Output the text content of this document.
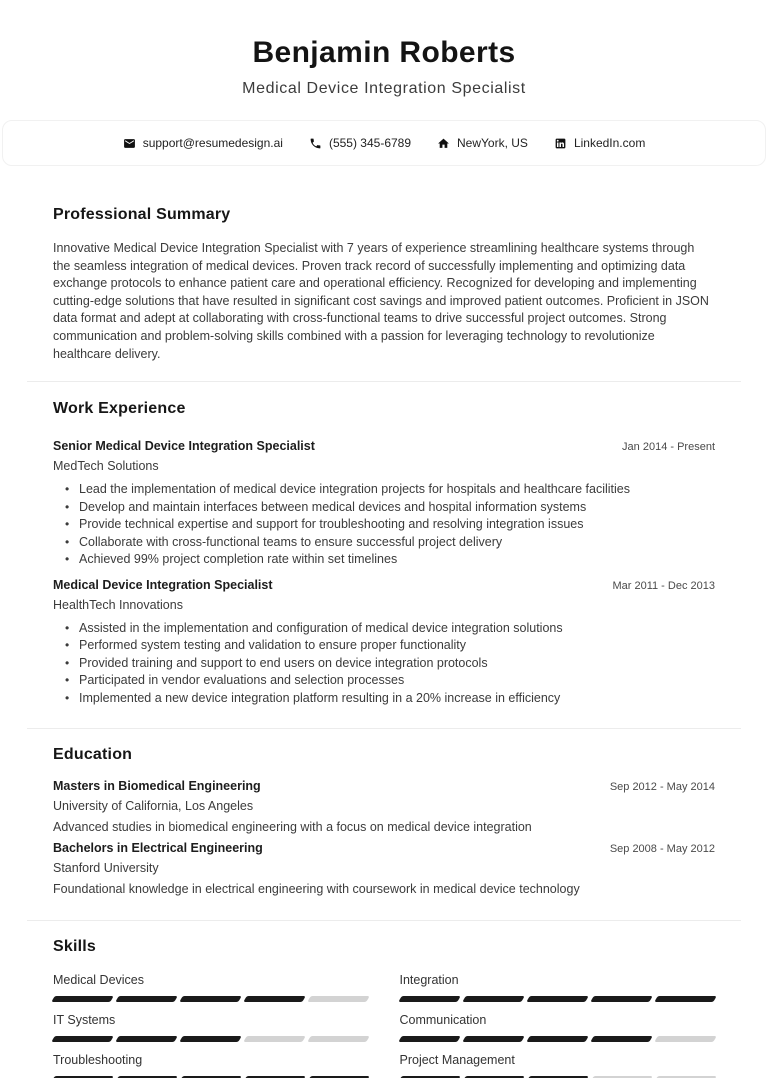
Benjamin Roberts
Medical Device Integration Specialist
support@resumedesign.ai	(555) 345-6789	NewYork, US	LinkedIn.com
Professional Summary

Innovative Medical Device Integration Specialist with 7 years of experience streamlining healthcare systems through the seamless integration of medical devices. Proven track record of successfully implementing and optimizing data exchange protocols to enhance patient care and operational efficiency. Recognized for developing and implementing cutting-edge solutions that have resulted in significant cost savings and improved patient outcomes. Proficient in JSON data format and adept at collaborating with cross-functional teams to drive successful project outcomes. Strong communication and problem-solving skills combined with a passion for leveraging technology to revolutionize healthcare delivery.

Work Experience
Senior Medical Device Integration Specialist	Jan 2014 - Present
MedTech Solutions
• Lead the implementation of medical device integration projects for hospitals and healthcare facilities
• Develop and maintain interfaces between medical devices and hospital information systems
• Provide technical expertise and support for troubleshooting and resolving integration issues
• Collaborate with cross-functional teams to ensure successful project delivery
• Achieved 99% project completion rate within set timelines
Medical Device Integration Specialist	Mar 2011 - Dec 2013
HealthTech Innovations
• Assisted in the implementation and configuration of medical device integration solutions
• Performed system testing and validation to ensure proper functionality
• Provided training and support to end users on device integration protocols
• Participated in vendor evaluations and selection processes
• Implemented a new device integration platform resulting in a 20% increase in efficiency
Education
Masters in Biomedical Engineering	Sep 2012 - May 2014
University of California, Los Angeles
Advanced studies in biomedical engineering with a focus on medical device integration
Bachelors in Electrical Engineering	Sep 2008 - May 2012
Stanford University
Foundational knowledge in electrical engineering with coursework in medical device technology
Skills
Medical Devices	Integration
IT Systems	Communication
Troubleshooting	Project Management
